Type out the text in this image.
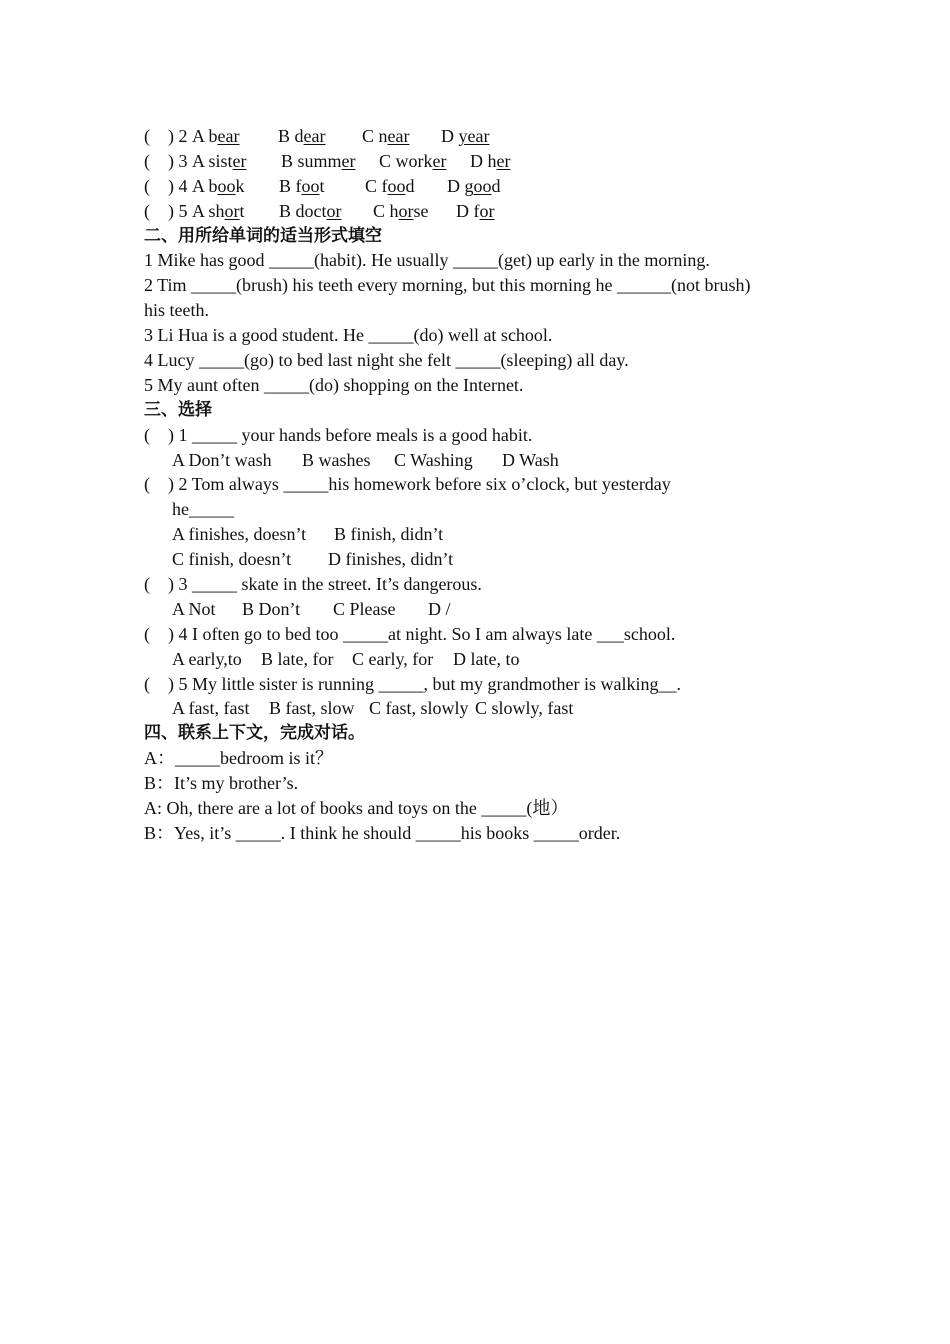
(

) 2

A bear

B dear

C near

D year

(

) 3

A sister

B summer

C worker

D her

(

) 4

A book

B foot

C food

D good

(

) 5

A short

B doctor

C horse

D for

二、用所给单词的适当形式填空
1 Mike has good _____(habit). He usually _____(get) up early in the morning.
2 Tim _____(brush) his teeth every morning, but this morning he ______(not brush)
his teeth.
3 Li Hua is a good student. He _____(do) well at school.
4 Lucy _____(go) to bed last night she felt _____(sleeping) all day.
5 My aunt often _____(do) shopping on the Internet.
三、选择

(

) 1 _____ your hands before meals is a good habit.

A Don’t wash

B washes

C Washing

D Wash

(

) 2 Tom always _____his homework before six o’clock, but yesterday

he_____

A finishes, doesn’t

B finish, didn’t

C finish, doesn’t

D finishes, didn’t

(

) 3 _____ skate in the street. It’s dangerous.

A Not

B Don’t

C Please

D /

(

) 4 I often go to bed too _____at night. So I am always late ___school.

A early,to

B late, for

C early, for

D late, to

(

) 5 My little sister is running _____, but my grandmother is walking__.

A fast, fast

B fast, slow

C fast, slowly

C slowly, fast

四、联系上下文，完成对话。
A：_____bedroom is it？
B：It’s my brother’s.
A: Oh, there are a lot of books and toys on the _____(地）
B：Yes, it’s _____. I think he should _____his books _____order.
